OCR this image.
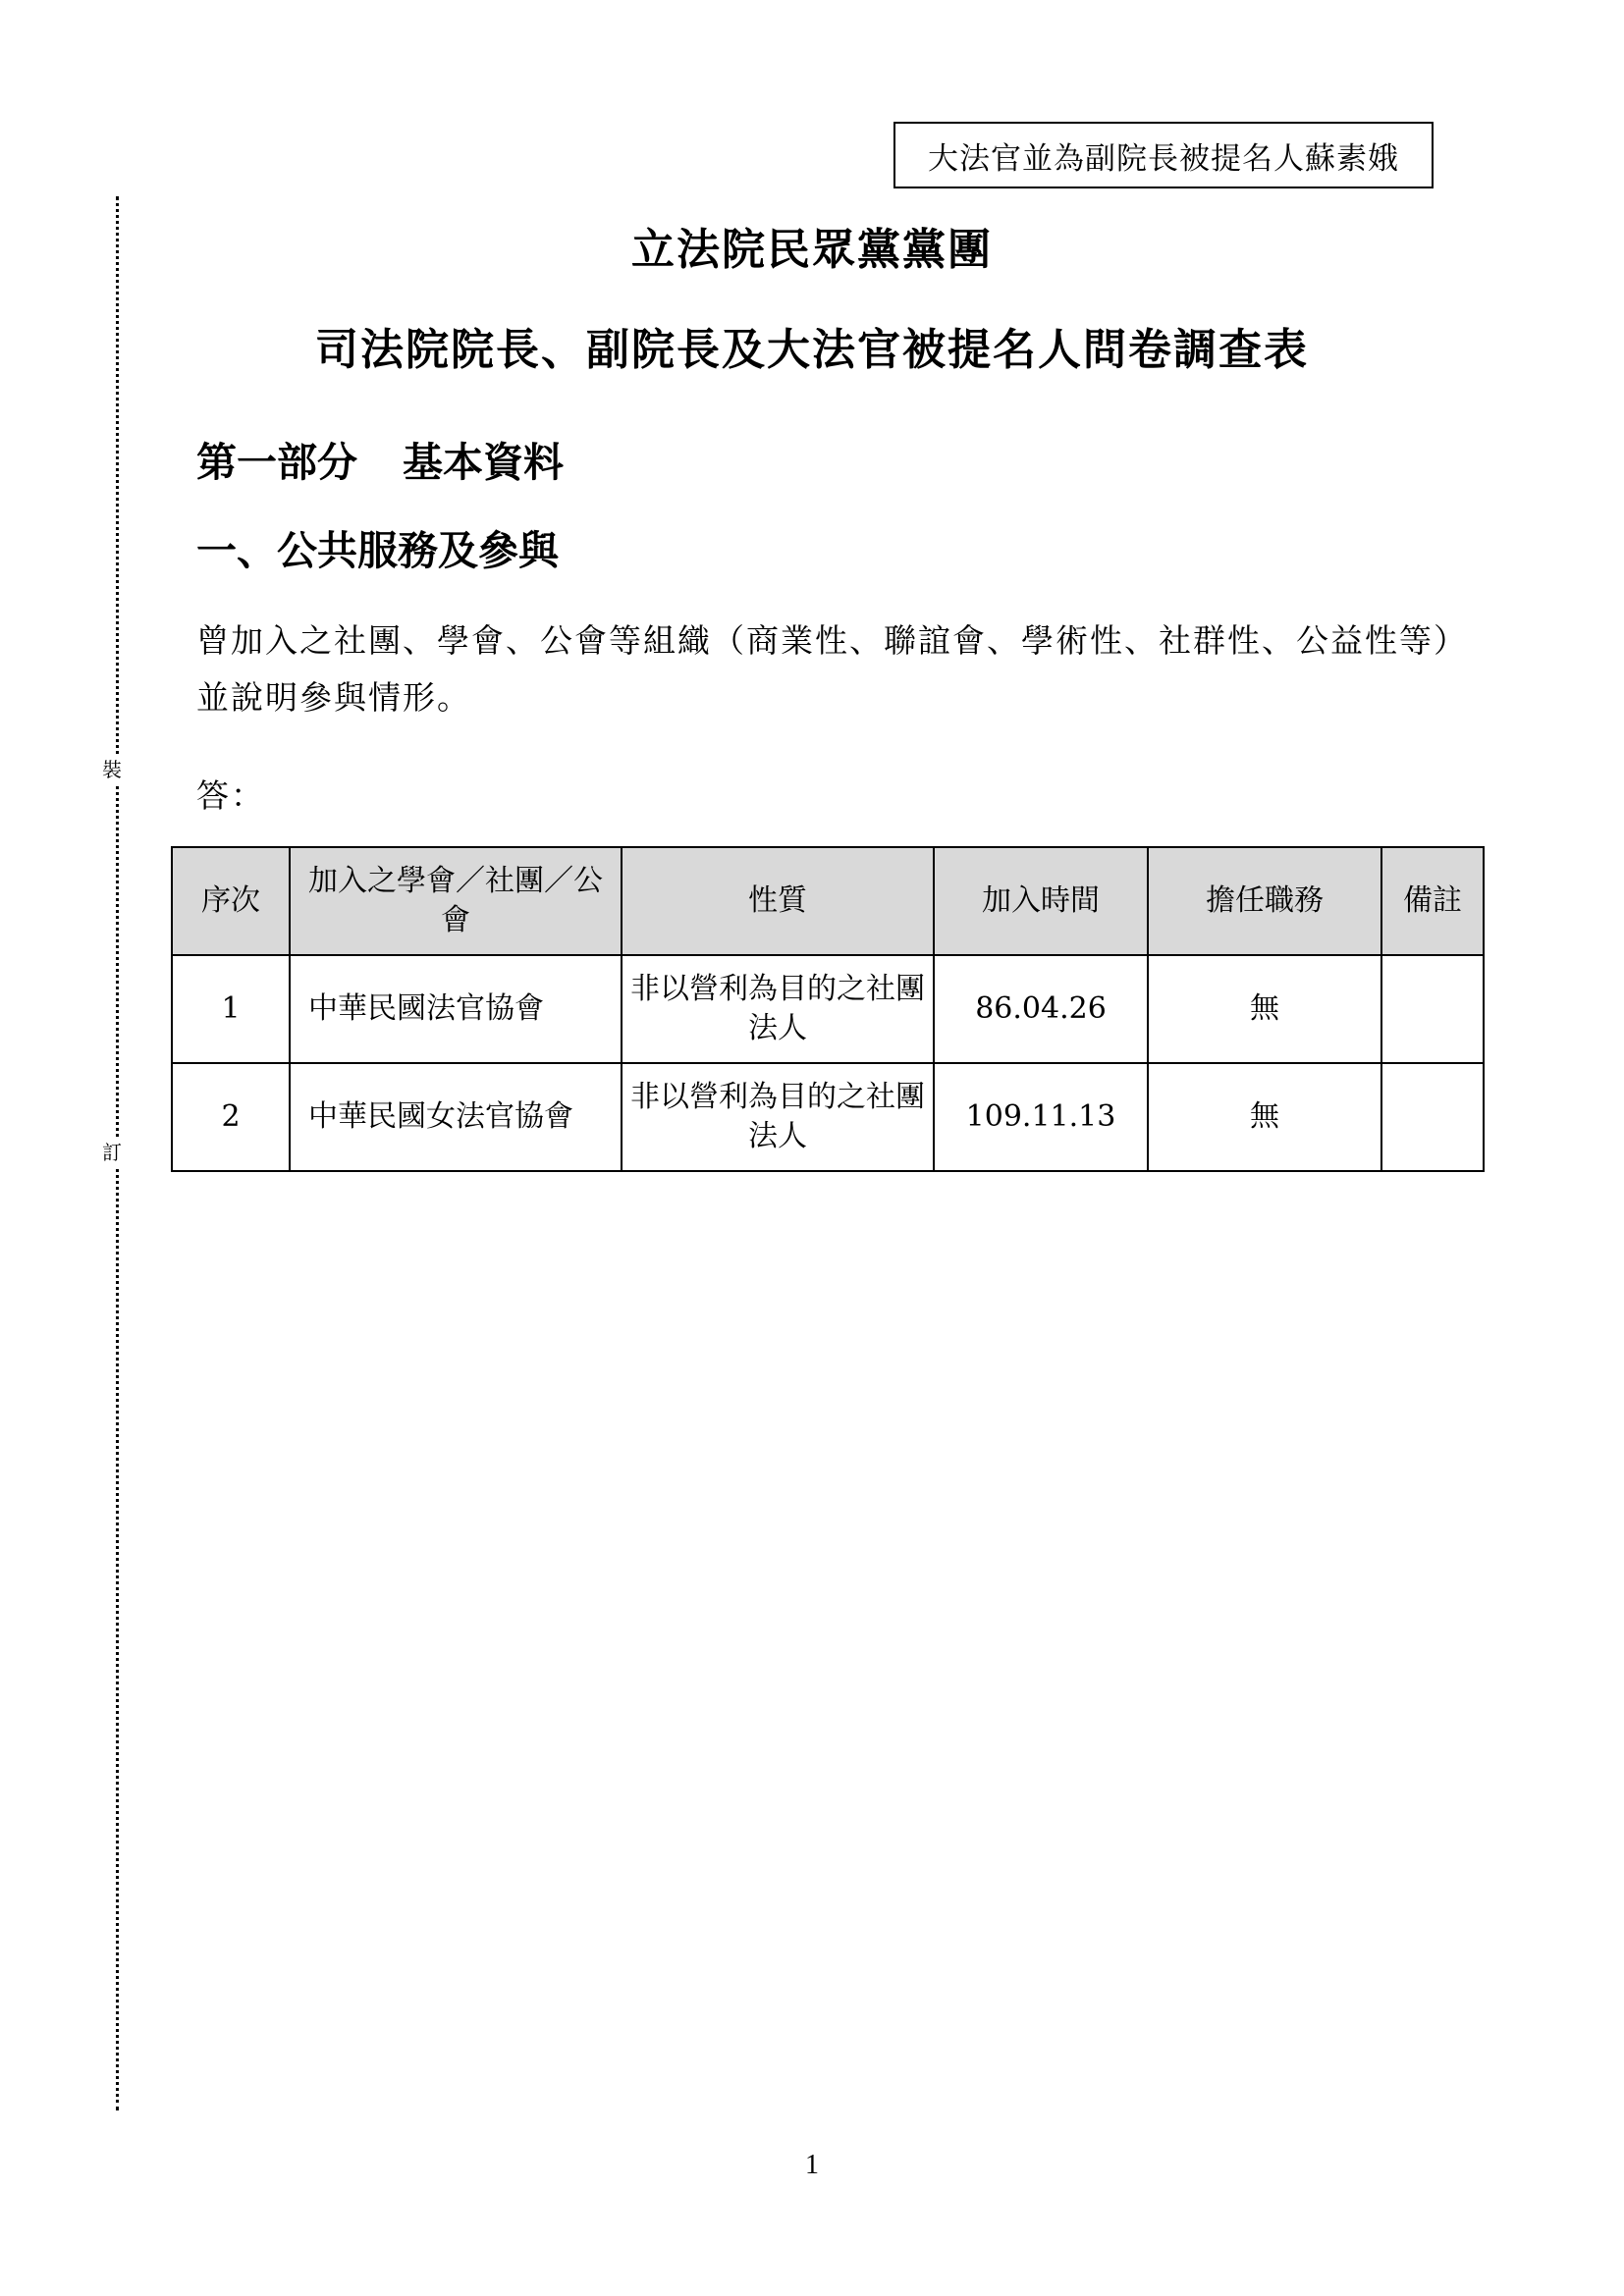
大法官並為副院長被提名人蘇素娥
裝
訂
立法院民眾黨黨團
司法院院長、副院長及大法官被提名人問卷調查表
第一部分 基本資料
一、公共服務及參與

曾加入之社團、學會、公會等組織（商業性、聯誼會、學術性、社群性、公益性等）並說明參與情形。

答：

序次	加入之學會／社團／公會	性質	加入時間	擔任職務	備註
1	中華民國法官協會	非以營利為目的之社團法人	86.04.26	無	
2	中華民國女法官協會	非以營利為目的之社團法人	109.11.13	無	
1
